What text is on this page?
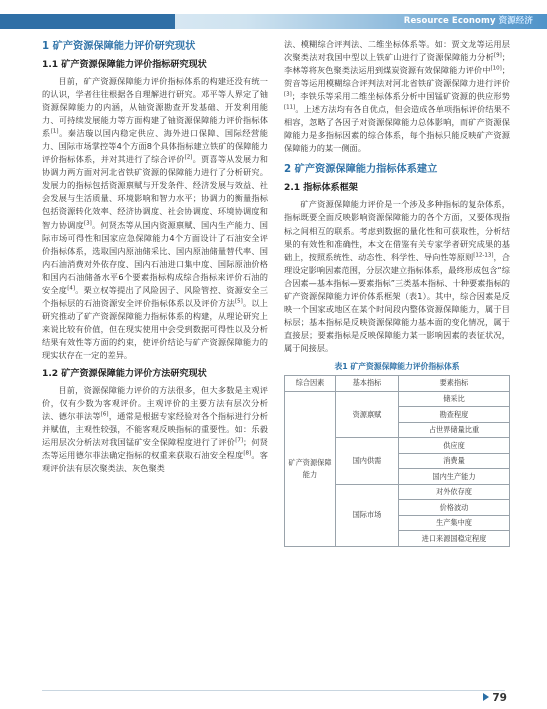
Resource Economy 资源经济
1 矿产资源保障能力评价研究现状
1.1 矿产资源保障能力评价指标研究现状

目前，矿产资源保障能力评价指标体系的构建还没有统一的认识，学者往往根据各自理解进行研究。邓平等人界定了铀资源保障能力的内涵，从铀资源勘查开发基础、开发利用能力、可持续发展能力等方面构建了铀资源保障能力评价指标体系[1]。秦洁璇以国内稳定供应、海外进口保障、国际经营能力、国际市场掌控等4个方面8个具体指标建立铁矿的保障能力评价指标体系，并对其进行了综合评价[2]。贾喜等从发展力和协调力两方面对河北省铁矿资源的保障能力进行了分析研究。发展力的指标包括资源禀赋与开发条件、经济发展与效益、社会发展与生活质量、环境影响和智力水平；协调力的衡量指标包括资源转化效率、经济协调度、社会协调度、环境协调度和智力协调度[3]。何贤杰等从国内资源禀赋、国内生产能力、国际市场可得性和国家应急保障能力4个方面设计了石油安全评价指标体系，选取国内原油储采比、国内原油储量替代率、国内石油消费对外依存度、国内石油进口集中度、国际原油价格和国内石油储备水平6个要素指标构成综合指标来评价石油的安全度[4]。栗立权等提出了风险因子、风险管控、资源安全三个指标层的石油资源安全评价指标体系以及评价方法[5]。以上研究推动了矿产资源保障能力指标体系的构建，从理论研究上来说比较有价值，但在现实使用中会受到数据可得性以及分析结果有效性等方面的约束，使评价结论与矿产资源保障能力的现实状存在一定的差异。

1.2 矿产资源保障能力评价方法研究现状

目前，资源保障能力评价的方法很多，但大多数是主观评价，仅有少数为客观评价。主观评价的主要方法有层次分析法、德尔菲法等[6]，通常是根据专家经验对各个指标进行分析并赋值，主观性较强，不能客观反映指标的重要性。如：乐毅运用层次分析法对我国锰矿安全保障程度进行了评价[7]；何贤杰等运用德尔菲法确定指标的权重来获取石油安全程度[8]。客观评价法有层次聚类法、灰色聚类

法、模糊综合评判法、二维坐标体系等。如：贾文龙等运用层次聚类法对我国中型以上铁矿山进行了资源保障能力分析[9]；李林等将灰色聚类法运用到煤炭资源有效保障能力评价中[10]；贺音等运用模糊综合评判法对河北省铁矿资源保障力进行评价[3]；李铁乐等采用二维坐标体系分析中国锰矿资源的供应形势[11]。上述方法均有各自优点，但会造成各单项指标评价结果不相容，忽略了各因子对资源保障能力总体影响，而矿产资源保障能力是多指标因素的综合体系，每个指标只能反映矿产资源保障能力的某一侧面。

2 矿产资源保障能力指标体系建立
2.1 指标体系框架

矿产资源保障能力评价是一个涉及多种指标的复杂体系，指标既要全面反映影响资源保障能力的各个方面，又要体现指标之间相互的联系。考虑到数据的量化性和可获取性，分析结果的有效性和准确性，本文在借鉴有关专家学者研究成果的基础上，按照系统性、动态性、科学性、导向性等原则[12-13]，合理设定影响因素范围，分层次建立指标体系，最终形成包含“综合因素—基本指标—要素指标”三类基本指标、十种要素指标的矿产资源保障能力评价体系框架（表1）。其中，综合因素是反映一个国家或地区在某个时间段内整体资源保障能力，属于目标层；基本指标是反映资源保障能力基本面的变化情况，属于直接层；要素指标是反映保障能力某一影响因素的表征状况，属于间接层。

表1 矿产资源保障能力评价指标体系
综合因素	基本指标	要素指标
矿产资源保障能力	资源禀赋	储采比
		勘查程度
		占世界储量比重
	国内供需	供应度
		消费量
		国内生产能力
	国际市场	对外依存度
		价格波动
		生产集中度
		进口来源国稳定程度
79
